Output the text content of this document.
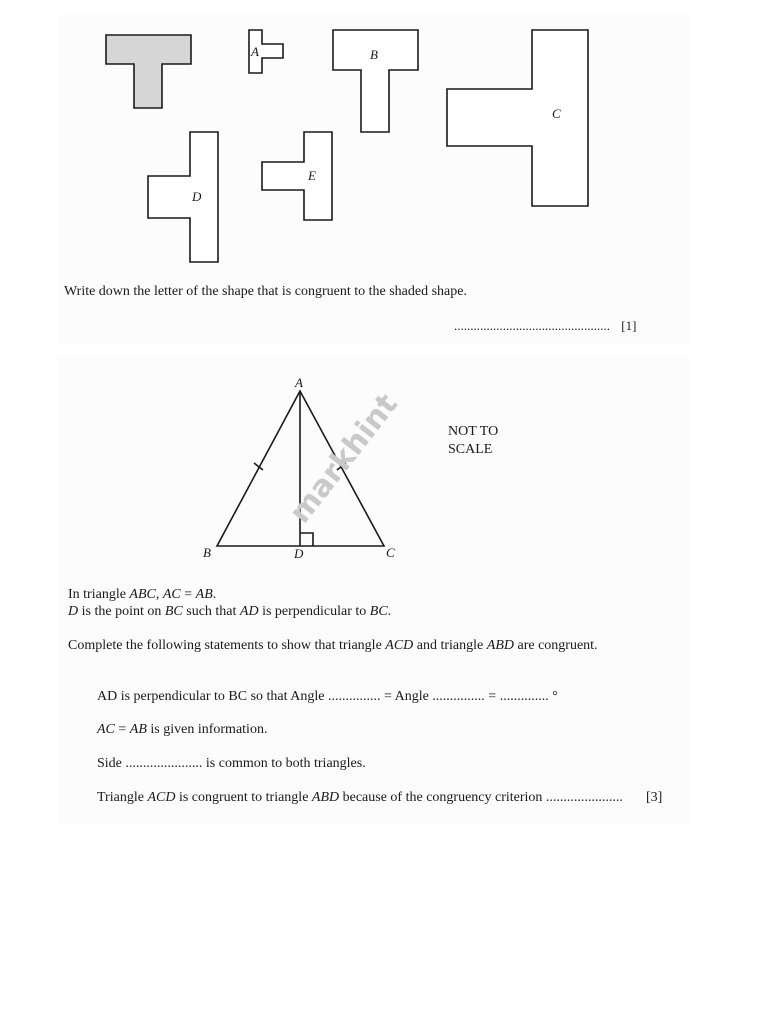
A	B
C
D
E
A
B	C
D
Write down the letter of the shape that is congruent to the shaded shape.
................................................ [1]
markhint	NOT TO
SCALE
In triangle ABC, AC = AB.
D is the point on BC such that AD is perpendicular to BC.
Complete the following statements to show that triangle ACD and triangle ABD are congruent.
AD is perpendicular to BC so that Angle ............... = Angle ............... = .............. °
AC = AB is given information.
Side ...................... is common to both triangles.
Triangle ACD is congruent to triangle ABD because of the congruency criterion ...................... [3]
